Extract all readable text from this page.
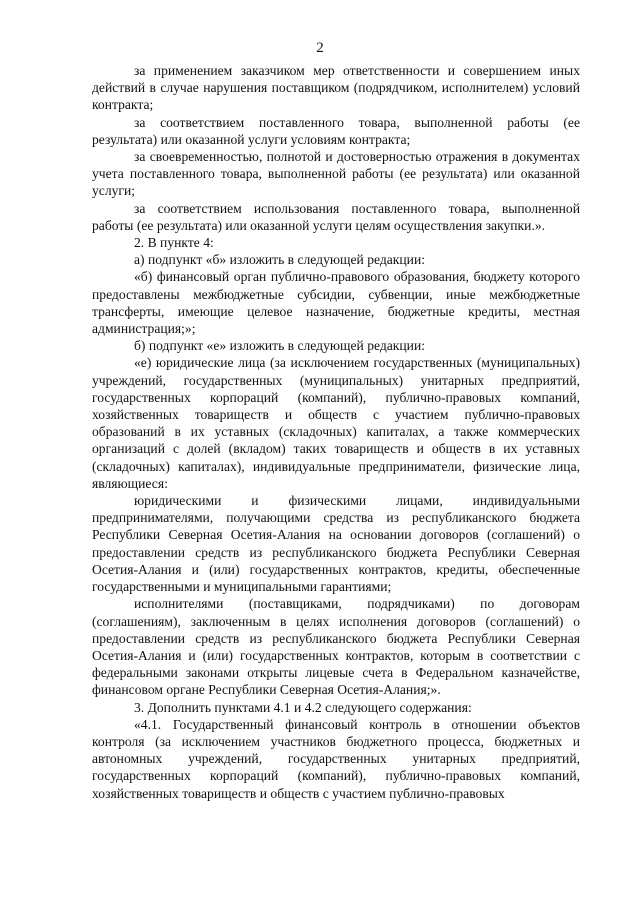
2

за применением заказчиком мер ответственности и совершением иных действий в случае нарушения поставщиком (подрядчиком, исполнителем) условий контракта;

за соответствием поставленного товара, выполненной работы (ее результата) или оказанной услуги условиям контракта;

за своевременностью, полнотой и достоверностью отражения в документах учета поставленного товара, выполненной работы (ее результата) или оказанной услуги;

за соответствием использования поставленного товара, выполненной работы (ее результата) или оказанной услуги целям осуществления закупки.».

2. В пункте 4:

а) подпункт «б» изложить в следующей редакции:

«б) финансовый орган публично-правового образования, бюджету которого предоставлены межбюджетные субсидии, субвенции, иные межбюджетные трансферты, имеющие целевое назначение, бюджетные кредиты, местная администрация;»;

б) подпункт «е» изложить в следующей редакции:

«е) юридические лица (за исключением государственных (муниципальных) учреждений, государственных (муниципальных) унитарных предприятий, государственных корпораций (компаний), публично-правовых компаний, хозяйственных товариществ и обществ с участием публично-правовых образований в их уставных (складочных) капиталах, а также коммерческих организаций с долей (вкладом) таких товариществ и обществ в их уставных (складочных) капиталах), индивидуальные предприниматели, физические лица, являющиеся:

юридическими и физическими лицами, индивидуальными предпринимателями, получающими средства из республиканского бюджета Республики Северная Осетия-Алания на основании договоров (соглашений) о предоставлении средств из республиканского бюджета Республики Северная Осетия-Алания и (или) государственных контрактов, кредиты, обеспеченные государственными и муниципальными гарантиями;

исполнителями (поставщиками, подрядчиками) по договорам (соглашениям), заключенным в целях исполнения договоров (соглашений) о предоставлении средств из республиканского бюджета Республики Северная Осетия-Алания и (или) государственных контрактов, которым в соответствии с федеральными законами открыты лицевые счета в Федеральном казначействе, финансовом органе Республики Северная Осетия-Алания;».

3. Дополнить пунктами 4.1 и 4.2 следующего содержания:

«4.1. Государственный финансовый контроль в отношении объектов контроля (за исключением участников бюджетного процесса, бюджетных и автономных учреждений, государственных унитарных предприятий, государственных корпораций (компаний), публично-правовых компаний, хозяйственных товариществ и обществ с участием публично-правовых
